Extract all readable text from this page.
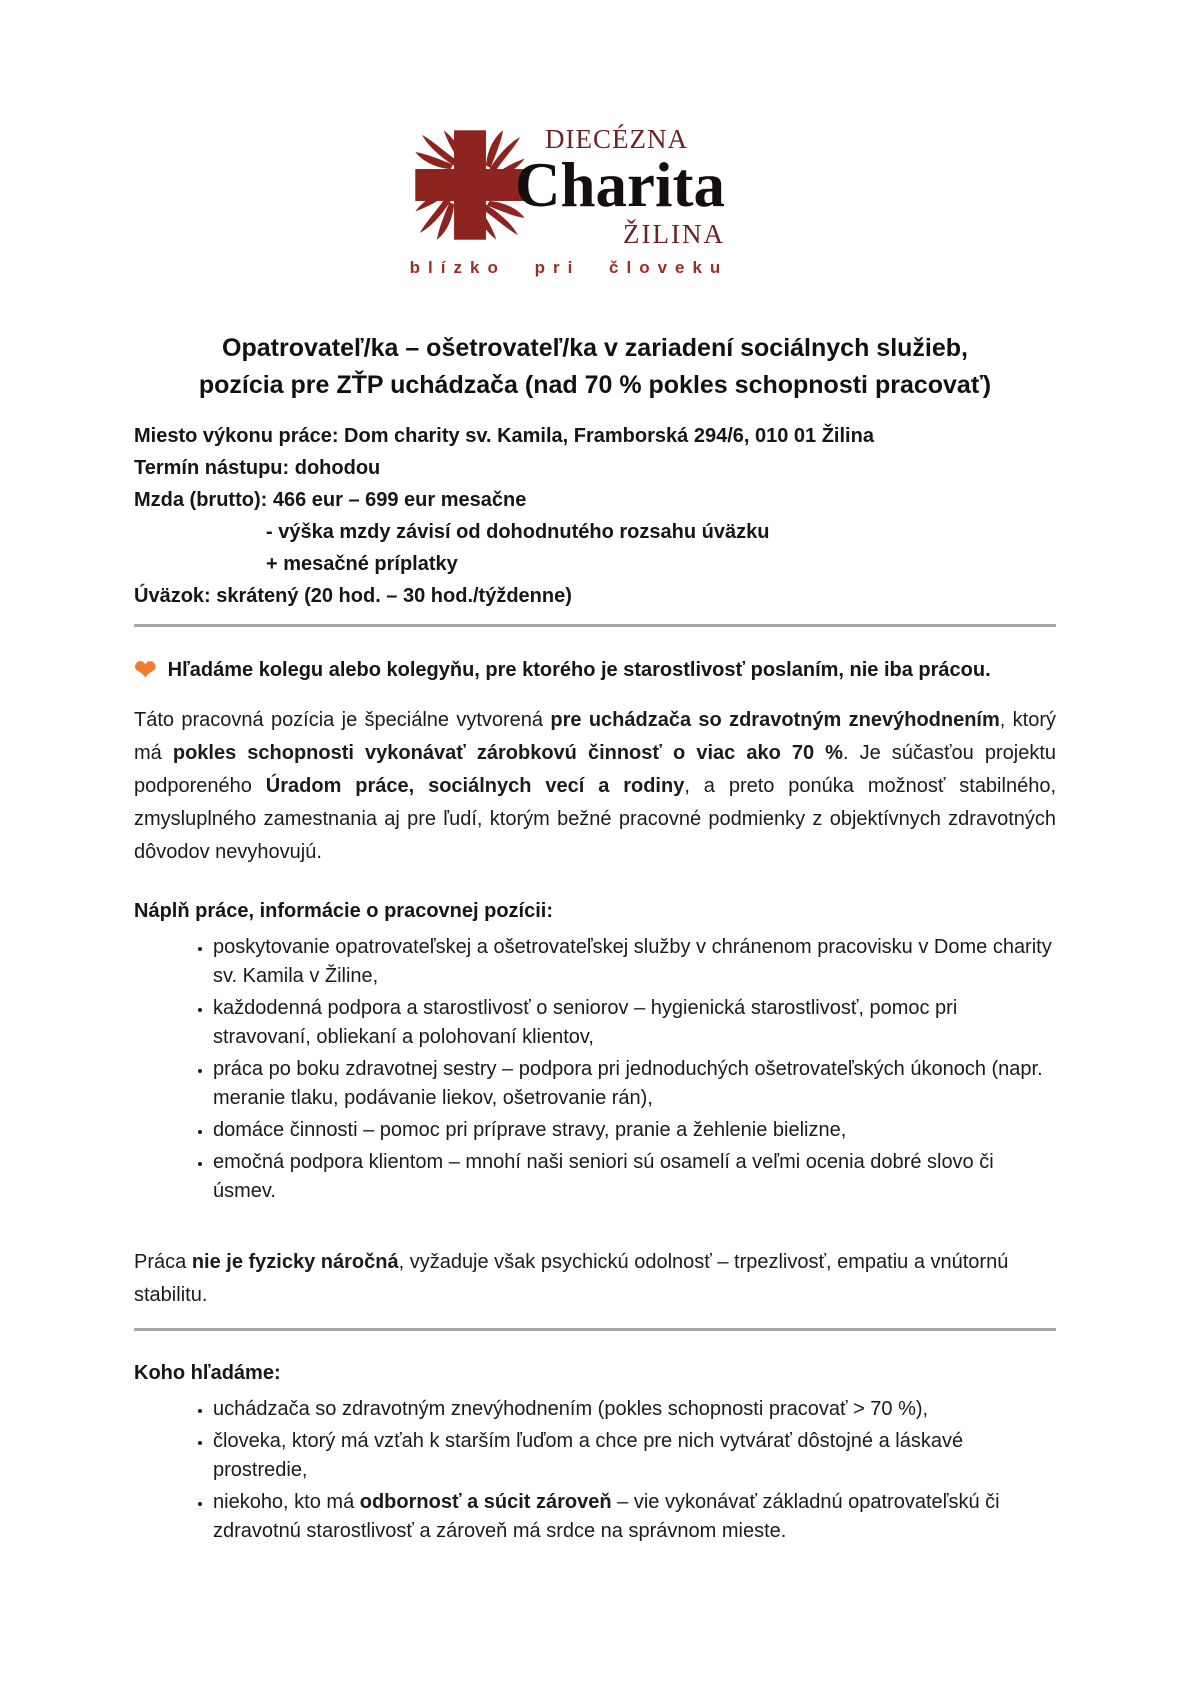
DIECÉZNA
Charita
ŽILINA
blízko pri človeku
Opatrovateľ/ka – ošetrovateľ/ka v zariadení sociálnych služieb,
pozícia pre ZŤP uchádzača (nad 70 % pokles schopnosti pracovať)
Miesto výkonu práce: Dom charity sv. Kamila, Framborská 294/6, 010 01 Žilina
Termín nástupu: dohodou
Mzda (brutto): 466 eur – 699 eur mesačne
- výška mzdy závisí od dohodnutého rozsahu úväzku
+ mesačné príplatky
Úväzok: skrátený (20 hod. – 30 hod./týždenne)

❤ Hľadáme kolegu alebo kolegyňu, pre ktorého je starostlivosť poslaním, nie iba prácou.

Táto pracovná pozícia je špeciálne vytvorená pre uchádzača so zdravotným znevýhodnením, ktorý má pokles schopnosti vykonávať zárobkovú činnosť o viac ako 70 %. Je súčasťou projektu podporeného Úradom práce, sociálnych vecí a rodiny, a preto ponúka možnosť stabilného, zmysluplného zamestnania aj pre ľudí, ktorým bežné pracovné podmienky z objektívnych zdravotných dôvodov nevyhovujú.

Náplň práce, informácie o pracovnej pozícii:
• poskytovanie opatrovateľskej a ošetrovateľskej služby v chránenom pracovisku v Dome charity sv. Kamila v Žiline,
• každodenná podpora a starostlivosť o seniorov – hygienická starostlivosť, pomoc pri stravovaní, obliekaní a polohovaní klientov,
• práca po boku zdravotnej sestry – podpora pri jednoduchých ošetrovateľských úkonoch (napr. meranie tlaku, podávanie liekov, ošetrovanie rán),
• domáce činnosti – pomoc pri príprave stravy, pranie a žehlenie bielizne,
• emočná podpora klientom – mnohí naši seniori sú osamelí a veľmi ocenia dobré slovo či úsmev.

Práca nie je fyzicky náročná, vyžaduje však psychickú odolnosť – trpezlivosť, empatiu a vnútornú stabilitu.

Koho hľadáme:
• uchádzača so zdravotným znevýhodnením (pokles schopnosti pracovať > 70 %),
• človeka, ktorý má vzťah k starším ľuďom a chce pre nich vytvárať dôstojné a láskavé prostredie,
• niekoho, kto má odbornosť a súcit zároveň – vie vykonávať základnú opatrovateľskú či zdravotnú starostlivosť a zároveň má srdce na správnom mieste.
